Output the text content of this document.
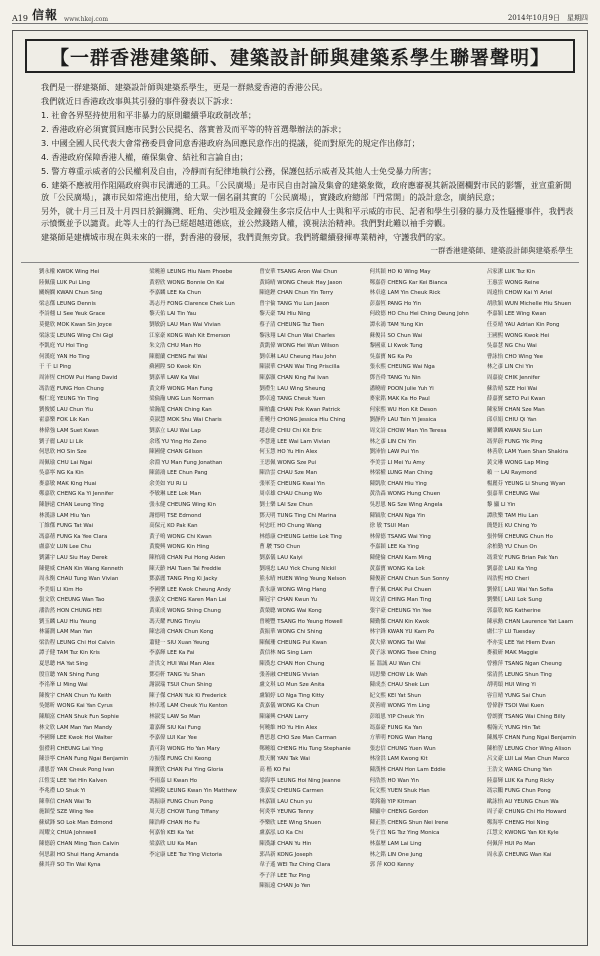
A19 信報 www.hkej.com	2014年10月9日　星期四
【一群香港建築師、建築設計師與建築系學生聯署聲明】

我們是一群建築師、建築設計師與建築系學生，更是一群熱愛香港的香港公民。

我們就近日香港政改事與其引發的事件發表以下訴求：

1. 社會各界堅持使用和平非暴力的原則繼續爭取政制改革；

2. 香港政府必須實質回應市民對公民提名、落實普及而平等的特首選舉辦法的訴求；

3. 中國全國人民代表大會常務委員會同意香港政府為回應民意作出的提議，從而對原先的規定作出修訂；

4. 香港政府保障香港人權，確保集會、結社和言論自由；

5. 警方尊重示威者的公民權利及自由，冷靜而有紀律地執行公務，保護包括示威者及其他人士免受暴力所害；

6. 建築不應被用作阻隔政府與市民溝通的工具。「公民廣場」是市民自由討論及集會的建築象徵，政府應審視其新設圍欄對市民的影響，並宣重新開放「公民廣場」，讓市民如常進出使用，給大眾一個名副其實的「公民廣場」，實踐政府總部「門常開」的設計意念，廣納民意；

另外，就十月三日及十月四日於銅鑼灣、旺角、尖沙咀及金鐘發生多宗反佔中人士與和平示威的市民、記者和學生引發的暴力及性騷擾事件，我們表示憤慨並予以譴責。此等人士的行為已經超越道德底，並公然踐踏人權，漠視法治精神。我們對此難以袖手旁觀。

建築師是建構城市現在與未來的一群，對香港的發展，我們責無旁貸。我們將繼續發揮專業精神，守護我們的家。

一群香港建築師、建築設計師與建築系學生
劉永權 KWOK Wing Hei
陸佩儀 LUK Pui Ling
關婉嫻 KWAN Chun Sing
梁志傑 LEUNG Dennis
李詩翹 LI See Yeuk Grace
莫健欣 MOK Kwan Sin Joyce
梁詠雯 LEUNG Wing Chi Gigi
李凱庭 YU Hoi Ting
何漢庭 YAN Ho Ting
于 千 LI Ping
周沛恆 CHOW Pui Hang David
馮浩霆 FUNG Hon Chung
楊仁庭 YEUNG Yin Ting
劉俊媛 LAU Chun Yiu
霍嘉樂 FOK Lik Kan
林偉強 LAM Suet Kwan
劉子麗 LAU Li Lik
何思欣 HO Sin Sze
周佩瑜 CHU Lai Ngai
吳嘉寧 NG Ka Kin
麥嘉敏 MAK King Huai
鄭嘉欣 CHENG Ka Yi Jennifer
陳靜遠 CHAN Leung Ying
林漢濤 LAM Hiu Yan
丁維傑 FUNG Tat Wai
馮嘉蒨 FUNG Ka Yee Clara
盧嘉安 LUN Lee Chu
劉瀟宇 LAU Siu Hay Derek
陳健威 CHAN Kin Wang Kenneth
周永衡 CHAU Tung Wan Vivian
李美娟 LI Kim Ho
張文欣 CHEUNG Wan Tao
潘浩然 HON CHUNG HEI
劉玉麟 LAU Hiu Yeung
林滿潤 LAM Man Yan
梁浩程 LEUNG Chi Hoi Calvin
譚子健 TAM Tsz Kin Kris
夏思聰 HA Yat Sing
殷宣聰 YAN Shing Fung
李洺峯 LI Ming Wai
陳俊宇 CHAN Chun Yu Keith
吳懿昕 WONG Kai Yan Cyrus
陳順富 CHAN Shuk Fun Sophie
林文欣 LAM Man Yan Mandy
李國輝 LEE Kwok Hoi Walter
張禮莉 CHEUNG Lai Ying
陳崇寧 CHAN Fung Ngai Benjamin
潘恩晉 YAN Cheuk Pong Ivan
江愷雯 LEE Yat Hin Kalven
李兆禮 LO Shuk Yi
陳華信 CHAN Wai To
施穎瑩 SZE Wing Yee
蘇斌鋒 SO Lok Man Edmond
周耀文 CHUA Johnwell
陳德蔚 CHAN Ming Tson Calvin
何思韻 HO Shui Hang Amanda
蘇其祥 SO Tin Wai Kyna
梁曉蕙 LEUNG Hiu Nam Phoebe
黃碧欣 WONG Bonnie On Kai
李嘉麟 LEE Ka Chun
馮志丹 FONG Clarence Chek Lun
黎天佑 LAI Tin Yau
劉敏蔚 LAU Man Wai Vivian
江家豪 KONG Wah Kit Emerson
朱文浩 CHU Man Ho
陳麗蘭 CHENG Fai Wai
蘇國陞 SO Kwok Kin
劉嘉華 LAW Ka Wai
黃文峰 WONG Man Fung
梁倫瀚 UNG Lun Norman
梁瀚龍 CHAN Ching Kan
莫淑慧 MOK Shu Wai Charis
劉嘉立 LAU Wai Lap
余瑤 YU Ying Ho Zeno
陳國健 CHAN Gillson
余淵 YU Man Fung Jonathan
陳蒲鴻 LEE Chun Pang
余美如 YU Ri Li
李敏琳 LEE Lok Man
張永健 CHEUNG Wing Kin
謝德明 TSE Edmond
高保元 KO Pak Kan
黃子鳴 WONG Chi Kwan
黃慶興 WONG Kin Hing
陳柏鴻 CHAN Pui Hong Aiden
陳天齡 HAI Tuen Tai Freddie
鄧嘉麗 TANG Ping Ki Jacky
李國樂 LEE Kwok Cheung Andy
張嘉文 CHENG Karen Man Lai
黃東成 WONG Shing Chung
馮天耀 FUNG Tinyiu
陳忠鴻 CHAN Chun Kong
蕭健一 SIU Xuan Yeung
李嘉輝 LEE Ka Fai
許洪文 HUI Wai Man Alex
鄧亞軒 TANG Yu Shan
謝淑瑞 TSUI Chun Shing
陳子傑 CHAN Yuk Ki Frederick
林卓瑤 LAM Cheuk Yiu Kenton
林淑雯 LAW So Man
蕭嘉輝 SIU Kai Fung
李嘉偉 LUI Kar Yee
黃可鈞 WONG Ho Yan Mary
方振傑 FUNG Chi Keong
陳寶欣 CHAN Pui Ying Gloria
李雨嘉 LI Kwan Ho
梁國銳 LEUNG Kwan Yin Matthew
馮振康 FUNG Chun Pong
周天恩 CHOW Tung Tiffany
陳浩峰 CHAN Ho Fu
何嘉怡 KEI Ka Yat
梁嘉欣 LIU Ka Man
李定康 LEE Tsz Ying Victoria
曾安華 TSANG Aron Wai Chun
黃綺晴 WONG Cheuk Hay Jason
陳進鏗 CHAN Chun Yin Terry
曾宇倫 TANG Yiu Lun Jason
黎天豪 TAI Hiu Ning
蔡子清 CHEUNG Tsz Tsen
黎泳翔 LAI Chun Wai Charles
黃凱偉 WONG Hei Wun Wilson
劉卓琳 LAU Cheung Hau John
陳淑華 CHAN Wai Ting Priscilla
陳嘉顥 CHAN King Fai Ivan
劉禮生 LAU Wing Sheung
鄧卓遠 TANG Cheuk Yuen
陳柏鑫 CHAN Pok Kwan Patrick
莊曉丹 CHONG Jessica Hiu Ching
趙志健 CHIU Chi Kit Eric
李慧蓮 LEE Wai Lam Vivian
何玉慧 HO Yu Hin Alex
王思佩 WONG Sze Pui
陳浩雲 CHAU Sze Man
張軍荃 CHEUNG Kwai Yin
周卓雄 CHAU Chung Wo
劉士樂 LAI Sze Chun
鄧天明 TUNG Ting Chi Marina
何忠旺 HO Chung Wang
林德康 CHEUNG Lettie Lok Ting
曹 駿 TSO Chun
劉嘉儀 LAU Kaiyi
劉翊忠 LAU Yick Chung Nickil
熊永晴 HUEN Wing Yeung Nelson
黃永康 WONG Wing Hang
陳冠宇 CHAN Kwun Yu
黃榮聰 WONG Wai Kong
曾曉豐 TSANG Ho Yeung Howell
黃振華 WONG Chi Shing
陳佩珊 CHEUNG Pui Kwan
黃信林 NG Sing Lam
陳漢忠 CHAN Hon Chung
張善融 CHEUNG Vivian
盧文琪 LO Mun Sze Anita
盧穎婷 LO Nga Ting Kitty
黃嘉儀 WONG Ka Chun
陳廉興 CHAN Larry
何曉維 HO Yu Hin Alex
曹思恩 CHO Sze Man Carman
鄭曉頌 CHENG Hiu Tung Stephanie
殷天爾 YAN Tak Wai
高 楷 KO Fai
梁海寧 LEUNG Hoi Ning Jeanne
張嘉雯 CHEUNG Carmen
林嘉穎 LAU Chun yu
何炎寧 YEUNG Tenny
李樂欣 LEE Wing Shuen
盧嘉泓 LO Ka Chi
陳漢謙 CHAN Yu Hin
郭昌新 KONG Joseph
韋子遙 WEI Tsz Ching Clara
李子洋 LEE Tsz Ping
陳振遠 CHAN Jo Yen
何其穎 HO Ki Wing May
鄭嘉蓓 CHENG Kar Kei Bianca
林卓遠 LAM Yin Cheuk Rick
彭嘉恆 PANG Ho Yin
何政德 HO Chu Hei Ching Oeung John
譚永鴻 TAM Yung Kin
蘇俊昌 SO Chun Wai
黎國東 LI Kwok Tung
吳嘉寶 NG Ka Po
張永熙 CHEUNG Wai Nga
鄧吾舜 TANG Yu Nin
潘曉晴 POON Julie Yuh Yi
麥家銘 MAK Ka Ho Paul
何家熙 WU Hon Kit Deson
劉靜羚 LAU Tsin Yi Jessica
周文詩 CHOW Man Yin Teresa
林之彥 LIN Chi Yin
劉沛怡 LAW Pui Yin
李美雲 LI Mei Yu Amy
林梁權 LUNG Man Ching
陳凱欣 CHAN Hiu Ying
黃浩森 WONG Hung Chuen
吳思恩 NG Sze Wing Angela
陳穎欣 CHAN Nga Yin
徐 敏 TSUI Man
林偉德 TSANG Wai Ying
李嘉穎 LEE Ka Ying
陳健倫 CHAN Kam Ming
黃嘉寶 WONG Ka Lok
陳俊新 CHAN Chun Sun Sonny
曹子佩 CHAK Pui Chuen
周文清 CHING Man Ting
張宇豪 CHEUNG Yin Yee
陳勤傑 CHAN Kin Kwok
林宇鋒 KWAN YU Kam Po
黃大偉 WONG Tai Wai
黃子詠 WONG Tsee Ching
區 溫誠 AU Wan Chi
周思樂 CHOW Lik Wah
陳成杰 CHAU Shek Lun
紀文熙 KEI Yat Shun
黃善晴 WONG Yim Ling
彭頌恩 YIP Cheuk Yin
馮嘉豪 FUNG Ka Yan
方華明 FONG Wan Hang
張忠信 CHUNG Yuen Wun
林淦洪 LAM Kwong Kit
陳漢林 CHAN Hon Lam Eddie
何浩然 HO Wan Yin
阮文熙 YUEN Shuk Han
葉銘瀚 YIP Kitman
陳顯中 CHENG Gordon
陳正然 CHENG Shun Nei Irene
吳子宜 NG Tsz Ying Monica
林嘉歷 LAM Lai Ling
林之銘 LIN One Jung
郭 萍 KOO Kenny
呂家潔 LUK Tsz Kin
王惠雲 WONG Reine
周遠怡 CHOW Kai Yi Ariel
胡欣穎 WUN Michelle Hiu Shuen
李嘉穎 LEE Wing Kwan
任亞晴 YAU Adrian Kin Pong
王國熙 WONG Kwok Hei
吳嘉慧 NG Chu Wai
曹詠怡 CHO Wing Yee
林之彥 LIN Chi Yin
周嘉旋 CHIK Jennifer
蘇浩晴 SZE Hoi Wai
薛嘉寶 SETO Pui Kwan
陳家輝 CHAN Sze Man
邱卓娟 CHIU Qi Yan
關肇麟 KWAN Siu Lun
馮羿蔚 FUNG Yik Ping
林善欣 LAM Yuen Shan Shakira
黃文琳 WONG Lap Ming
賴 一 LAI Raymond
楊麗芬 YEUNG Li Shung Wyan
張嘉華 CHEUNG Wai
黎 顯 LI Yin
譚欣樂 TAM Hiu Lan
簡楚鈺 KU Ching Yo
張仲輝 CHEUNG Chun Ho
余柏勤 YU Chun On
馮秉安 FUNG Brian Pak Yan
劉嘉盈 LAU Ka Ying
周浩熙 HO Cheri
劉偉紅 LAU Wai Yan Sofia
劉樂紅 LAU Lok Sung
郭嘉欣 NG Katherine
陳承勳 CHAN Laurence Yat Laam
盧仁宇 LU Tuesday
李亦雯 LEE Yat Hiem Evan
麥毅研 MAK Maggie
曾雅萍 TSANG Ngan Cheung
梁清然 LEUNG Shun Ting
胡明頌 HUI Wing Yi
容宣晴 YUNG Sai Chun
曾偉靜 TSOI Wai Kuen
曾朗寶 TSANG Wai Ching Billy
楊翰天 YUNG Hin Tat
陳鳳寧 CHAN Fung Ngai Benjamin
陳柏智 LEUNG Chor Wing Alison
呂文豪 LUI Lai Man Chun Marco
王浩文 WANG Chung Yan
陸嘉輝 LUK Ka Fung Ricky
馮宗鵬 FUNG Chun Pong
歐詠怡 AU YEUNG Chun Wa
周子豪 CHUNG Chi Ho Howard
鄭海寧 CHENG Hoi Ning
江慧文 KWONG Yan Kit Kyle
何佩萍 HUI Po Man
周永嘉 CHEUNG Wan Kai
